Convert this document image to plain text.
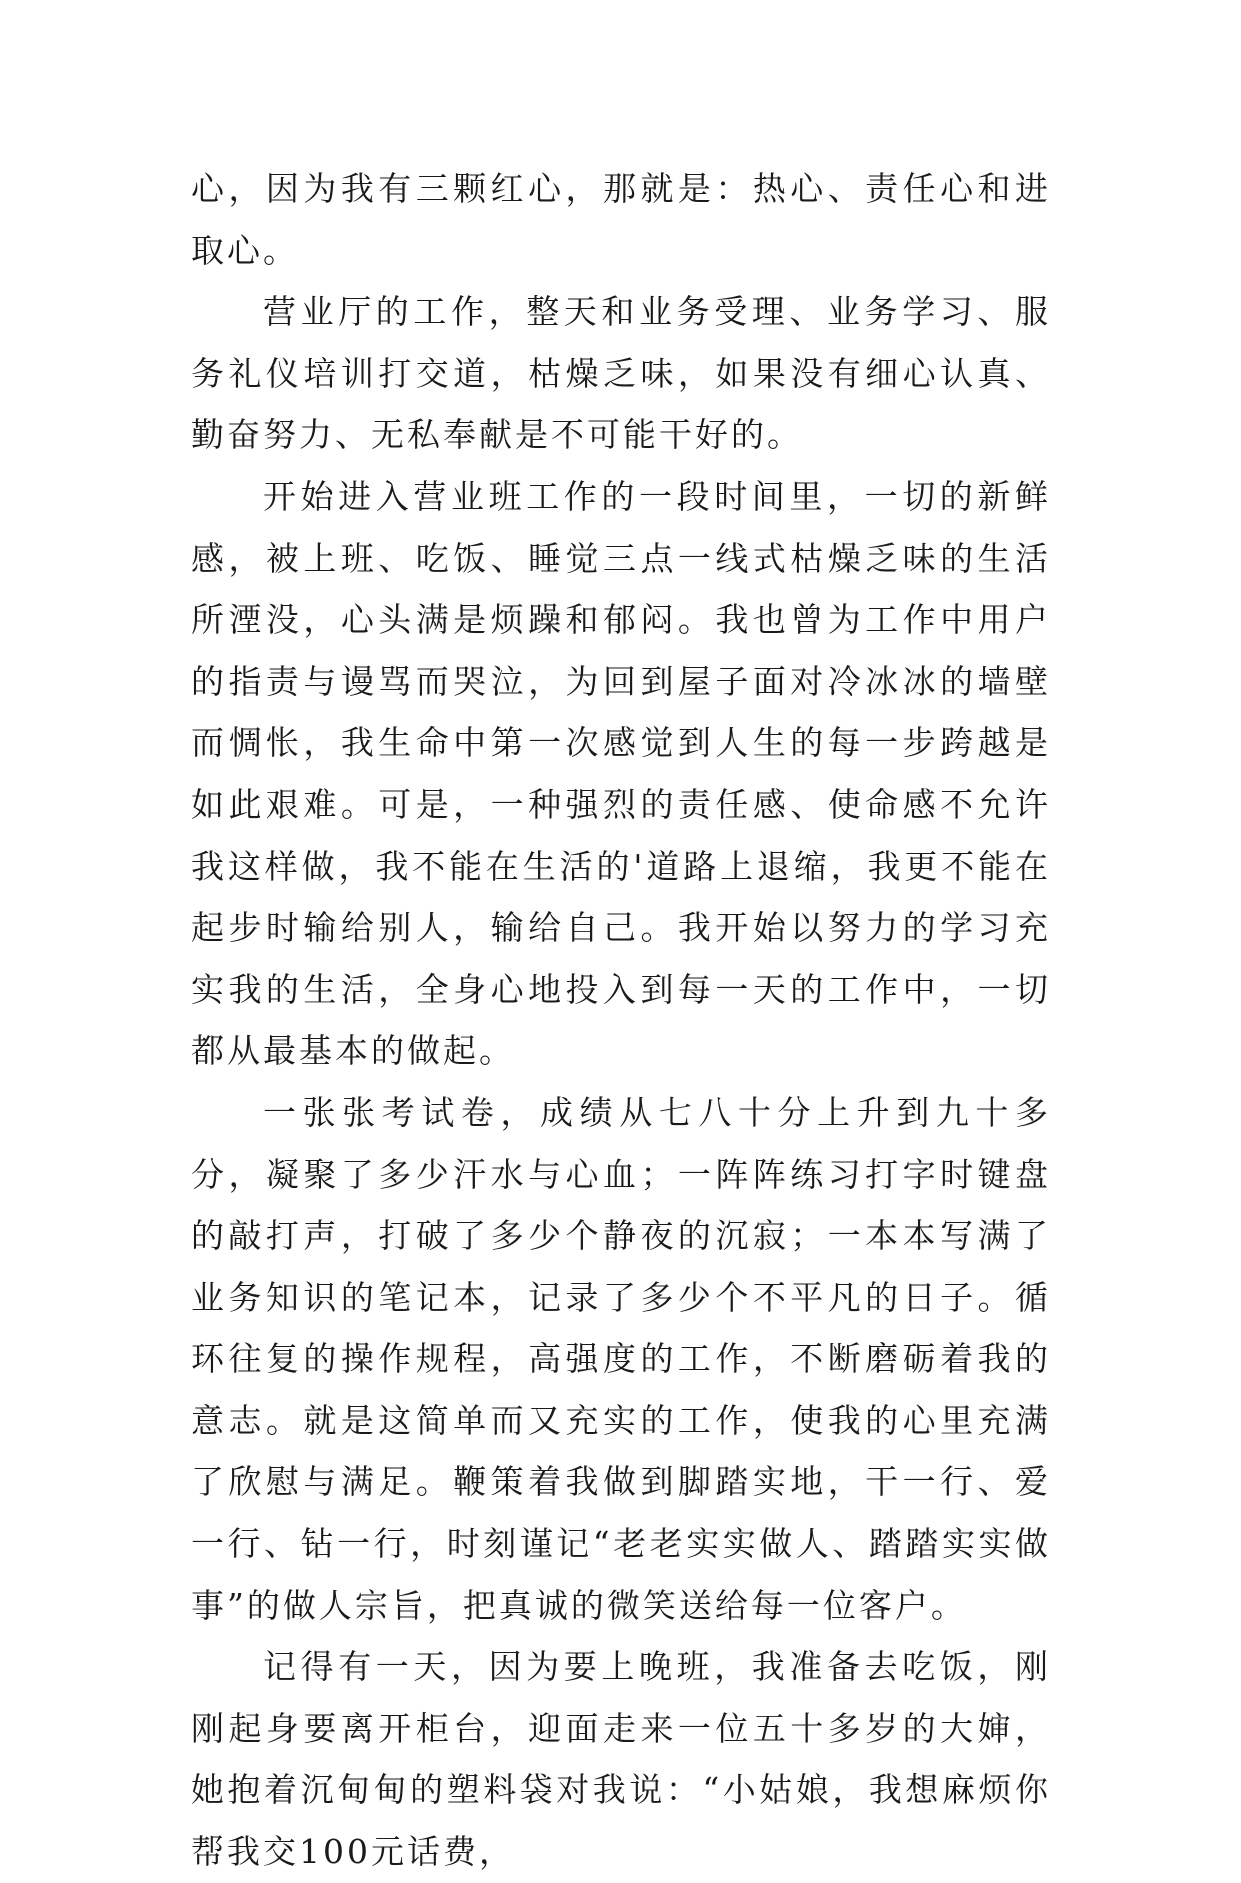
心，因为我有三颗红心，那就是：热心、责任心和进取心。

营业厅的工作，整天和业务受理、业务学习、服务礼仪培训打交道，枯燥乏味，如果没有细心认真、勤奋努力、无私奉献是不可能干好的。

开始进入营业班工作的一段时间里，一切的新鲜感，被上班、吃饭、睡觉三点一线式枯燥乏味的生活所湮没，心头满是烦躁和郁闷。我也曾为工作中用户的指责与谩骂而哭泣，为回到屋子面对冷冰冰的墙壁而惆怅，我生命中第一次感觉到人生的每一步跨越是如此艰难。可是，一种强烈的责任感、使命感不允许我这样做，我不能在生活的'道路上退缩，我更不能在起步时输给别人，输给自己。我开始以努力的学习充实我的生活，全身心地投入到每一天的工作中，一切都从最基本的做起。

一张张考试卷，成绩从七八十分上升到九十多分，凝聚了多少汗水与心血；一阵阵练习打字时键盘的敲打声，打破了多少个静夜的沉寂；一本本写满了业务知识的笔记本，记录了多少个不平凡的日子。循环往复的操作规程，高强度的工作，不断磨砺着我的意志。就是这简单而又充实的工作，使我的心里充满了欣慰与满足。鞭策着我做到脚踏实地，干一行、爱一行、钻一行，时刻谨记“老老实实做人、踏踏实实做事”的做人宗旨，把真诚的微笑送给每一位客户。

记得有一天，因为要上晚班，我准备去吃饭，刚刚起身要离开柜台，迎面走来一位五十多岁的大婶，她抱着沉甸甸的塑料袋对我说：“小姑娘，我想麻烦你帮我交100元话费，
